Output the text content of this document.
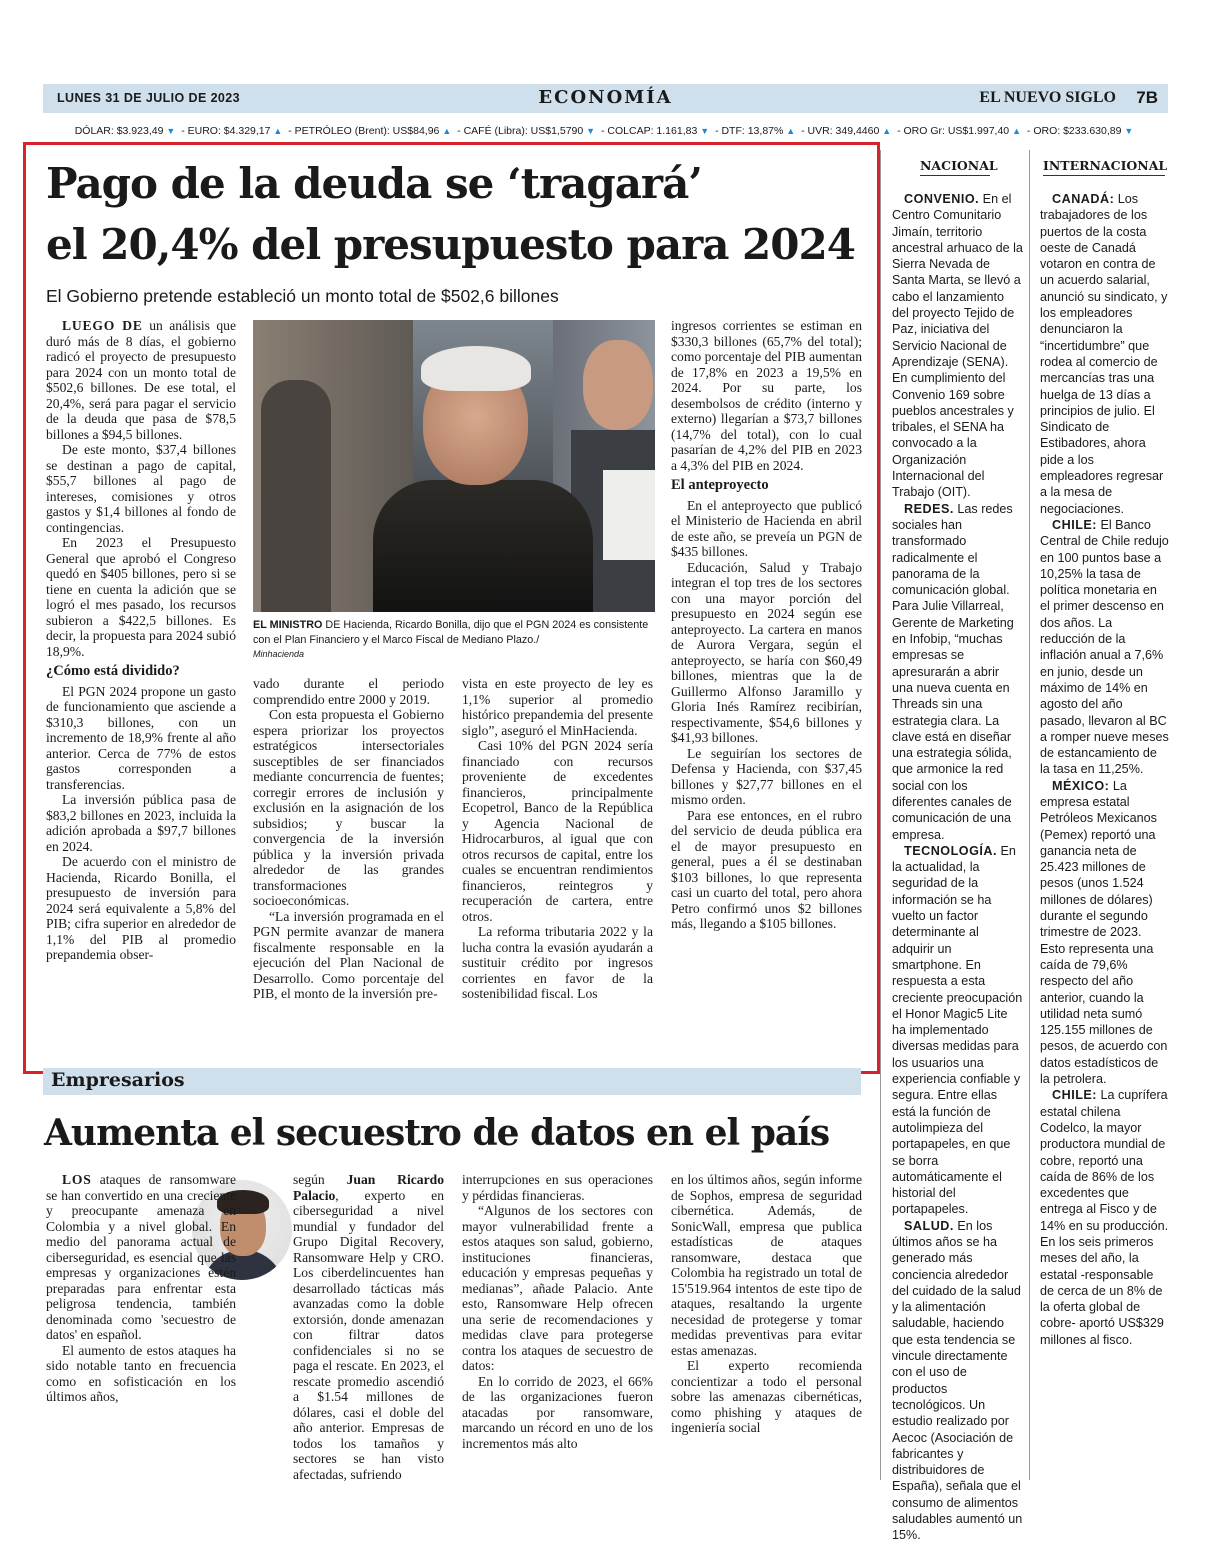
LUNES 31 DE JULIO DE 2023	ECONOMÍA	EL NUEVO SIGLO 7B
DÓLAR: $3.923,49 ▼ - EURO: $4.329,17 ▲ - PETRÓLEO (Brent): US$84,96 ▲ - CAFÉ (Libra): US$1,5790 ▼ - COLCAP: 1.161,83 ▼ - DTF: 13,87% ▲ - UVR: 349,4460 ▲ - ORO Gr: US$1.997,40 ▲ - ORO: $233.630,89 ▼
Pago de la deuda se ‘tragará’
el 20,4% del presupuesto para 2024
El Gobierno pretende estableció un monto total de $502,6 billones

LUEGO DE un análisis que duró más de 8 días, el gobierno radicó el proyecto de presupuesto para 2024 con un monto total de $502,6 billones. De ese total, el 20,4%, será para pagar el servicio de la deuda que pasa de $78,5 billones a $94,5 billones.

De este monto, $37,4 billones se destinan a pago de capital, $55,7 billones al pago de intereses, comisiones y otros gastos y $1,4 billones al fondo de contingencias.

En 2023 el Presupuesto General que aprobó el Congreso quedó en $405 billones, pero si se tiene en cuenta la adición que se logró el mes pasado, los recursos subieron a $422,5 billones. Es decir, la propuesta para 2024 subió 18,9%.

¿Cómo está dividido?

El PGN 2024 propone un gasto de funcionamiento que asciende a $310,3 billones, con un incremento de 18,9% frente al año anterior. Cerca de 77% de estos gastos corresponden a transferencias.

La inversión pública pasa de $83,2 billones en 2023, incluida la adición aprobada a $97,7 billones en 2024.

De acuerdo con el ministro de Hacienda, Ricardo Bonilla, el presupuesto de inversión para 2024 será equivalente a 5,8% del PIB; cifra superior en alrededor de 1,1% del PIB al promedio prepandemia obser-

EL MINISTRO DE Hacienda, Ricardo Bonilla, dijo que el PGN 2024 es consistente con el Plan Financiero y el Marco Fiscal de Mediano Plazo./
Minhacienda

vado durante el periodo comprendido entre 2000 y 2019.

Con esta propuesta el Gobierno espera priorizar los proyectos estratégicos intersectoriales susceptibles de ser financiados mediante concurrencia de fuentes; corregir errores de inclusión y exclusión en la asignación de los subsidios; y buscar la convergencia de la inversión pública y la inversión privada alrededor de las grandes transformaciones socioeconómicas.

“La inversión programada en el PGN permite avanzar de manera fiscalmente responsable en la ejecución del Plan Nacional de Desarrollo. Como porcentaje del PIB, el monto de la inversión pre-

vista en este proyecto de ley es 1,1% superior al promedio histórico prepandemia del presente siglo”, aseguró el MinHacienda.

Casi 10% del PGN 2024 sería financiado con recursos proveniente de excedentes financieros, principalmente Ecopetrol, Banco de la República y Agencia Nacional de Hidrocarburos, al igual que con otros recursos de capital, entre los cuales se encuentran rendimientos financieros, reintegros y recuperación de cartera, entre otros.

La reforma tributaria 2022 y la lucha contra la evasión ayudarán a sustituir crédito por ingresos corrientes en favor de la sostenibilidad fiscal. Los

ingresos corrientes se estiman en $330,3 billones (65,7% del total); como porcentaje del PIB aumentan de 17,8% en 2023 a 19,5% en 2024. Por su parte, los desembolsos de crédito (interno y externo) llegarían a $73,7 billones (14,7% del total), con lo cual pasarían de 4,2% del PIB en 2023 a 4,3% del PIB en 2024.

El anteproyecto

En el anteproyecto que publicó el Ministerio de Hacienda en abril de este año, se preveía un PGN de $435 billones.

Educación, Salud y Trabajo integran el top tres de los sectores con una mayor porción del presupuesto en 2024 según ese anteproyecto. La cartera en manos de Aurora Vergara, según el anteproyecto, se haría con $60,49 billones, mientras que la de Guillermo Alfonso Jaramillo y Gloria Inés Ramírez recibirían, respectivamente, $54,6 billones y $41,93 billones.

Le seguirían los sectores de Defensa y Hacienda, con $37,45 billones y $27,77 billones en el mismo orden.

Para ese entonces, en el rubro del servicio de deuda pública era el de mayor presupuesto en general, pues a él se destinaban $103 billones, lo que representa casi un cuarto del total, pero ahora Petro confirmó unos $2 billones más, llegando a $105 billones.

Empresarios
Aumenta el secuestro de datos en el país

LOS ataques de ransomware se han convertido en una creciente y preocupante amenaza en Colombia y a nivel global. En medio del panorama actual de ciberseguridad, es esencial que las empresas y organizaciones estén preparadas para enfrentar esta peligrosa tendencia, también denominada como 'secuestro de datos' en español.

El aumento de estos ataques ha sido notable tanto en frecuencia como en sofisticación en los últimos años,

según Juan Ricardo Palacio, experto en ciberseguridad a nivel mundial y fundador del Grupo Digital Recovery, Ransomware Help y CRO. Los ciberdelincuentes han desarrollado tácticas más avanzadas como la doble extorsión, donde amenazan con filtrar datos confidenciales si no se paga el rescate. En 2023, el rescate promedio ascendió a $1.54 millones de dólares, casi el doble del año anterior. Empresas de todos los tamaños y sectores se han visto afectadas, sufriendo

interrupciones en sus operaciones y pérdidas financieras.

“Algunos de los sectores con mayor vulnerabilidad frente a estos ataques son salud, gobierno, instituciones financieras, educación y empresas pequeñas y medianas”, añade Palacio. Ante esto, Ransomware Help ofrecen una serie de recomendaciones y medidas clave para protegerse contra los ataques de secuestro de datos:

En lo corrido de 2023, el 66% de las organizaciones fueron atacadas por ransomware, marcando un récord en uno de los incrementos más alto

en los últimos años, según informe de Sophos, empresa de seguridad cibernética. Además, de SonicWall, empresa que publica estadísticas de ataques ransomware, destaca que Colombia ha registrado un total de 15'519.964 intentos de este tipo de ataques, resaltando la urgente necesidad de protegerse y tomar medidas preventivas para evitar estas amenazas.

El experto recomienda concientizar a todo el personal sobre las amenazas cibernéticas, como phishing y ataques de ingeniería social

NACIONAL	INTERNACIONAL

CONVENIO. En el Centro Comunitario Jimaín, territorio ancestral arhuaco de la Sierra Nevada de Santa Marta, se llevó a cabo el lanzamiento del proyecto Tejido de Paz, iniciativa del Servicio Nacional de Aprendizaje (SENA). En cumplimiento del Convenio 169 sobre pueblos ancestrales y tribales, el SENA ha convocado a la Organización Internacional del Trabajo (OIT).

REDES. Las redes sociales han transformado radicalmente el panorama de la comunicación global. Para Julie Villarreal, Gerente de Marketing en Infobip, “muchas empresas se apresurarán a abrir una nueva cuenta en Threads sin una estrategia clara. La clave está en diseñar una estrategia sólida, que armonice la red social con los diferentes canales de comunicación de una empresa.

TECNOLOGÍA. En la actualidad, la seguridad de la información se ha vuelto un factor determinante al adquirir un smartphone. En respuesta a esta creciente preocupación el Honor Magic5 Lite ha implementado diversas medidas para los usuarios una experiencia confiable y segura. Entre ellas está la función de autolimpieza del portapapeles, en que se borra automáticamente el historial del portapapeles.

SALUD. En los últimos años se ha generado más conciencia alrededor del cuidado de la salud y la alimentación saludable, haciendo que esta tendencia se vincule directamente con el uso de productos tecnológicos. Un estudio realizado por Aecoc (Asociación de fabricantes y distribuidores de España), señala que el consumo de alimentos saludables aumentó un 15%.

CANADÁ: Los trabajadores de los puertos de la costa oeste de Canadá votaron en contra de un acuerdo salarial, anunció su sindicato, y los empleadores denunciaron la “incertidumbre” que rodea al comercio de mercancías tras una huelga de 13 días a principios de julio. El Sindicato de Estibadores, ahora pide a los empleadores regresar a la mesa de negociaciones.

CHILE: El Banco Central de Chile redujo en 100 puntos base a 10,25% la tasa de política monetaria en el primer descenso en dos años. La reducción de la inflación anual a 7,6% en junio, desde un máximo de 14% en agosto del año pasado, llevaron al BC a romper nueve meses de estancamiento de la tasa en 11,25%.

MÉXICO: La empresa estatal Petróleos Mexicanos (Pemex) reportó una ganancia neta de 25.423 millones de pesos (unos 1.524 millones de dólares) durante el segundo trimestre de 2023. Esto representa una caída de 79,6% respecto del año anterior, cuando la utilidad neta sumó 125.155 millones de pesos, de acuerdo con datos estadísticos de la petrolera.

CHILE: La cuprífera estatal chilena Codelco, la mayor productora mundial de cobre, reportó una caída de 86% de los excedentes que entrega al Fisco y de 14% en su producción. En los seis primeros meses del año, la estatal -responsable de cerca de un 8% de la oferta global de cobre- aportó US$329 millones al fisco.
